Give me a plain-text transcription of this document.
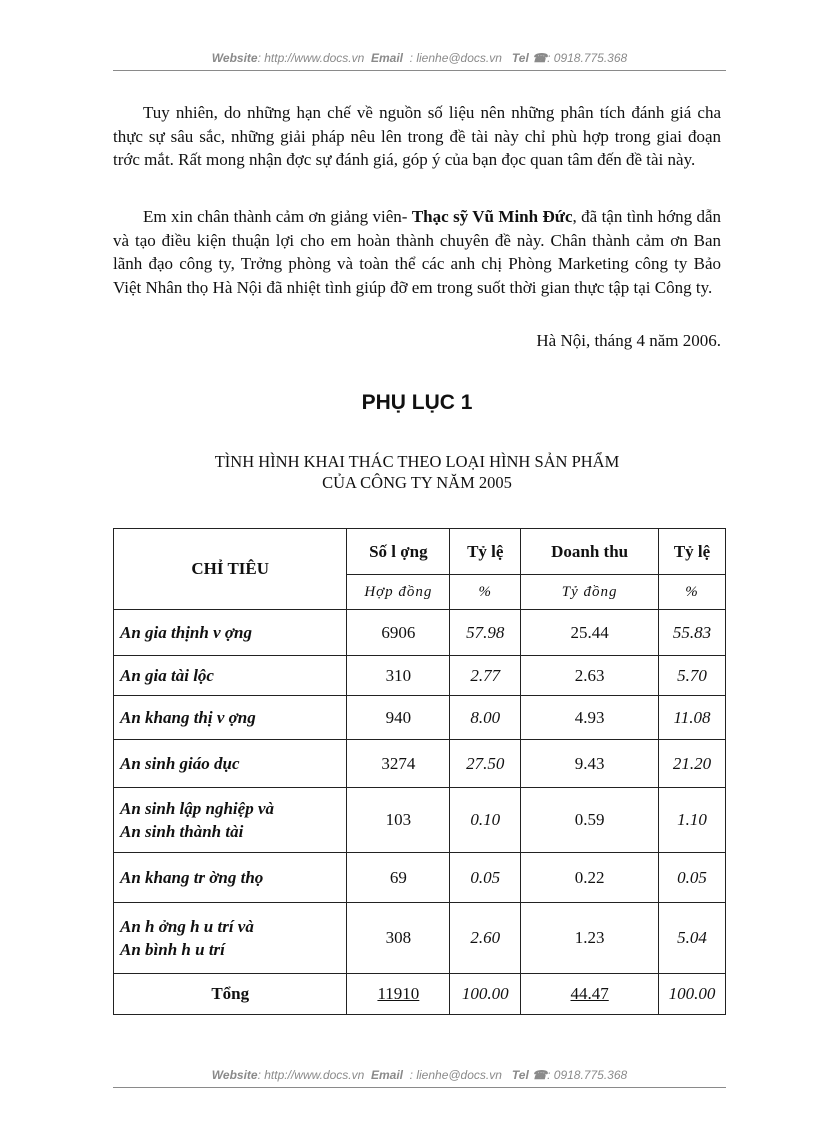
Website: http://www.docs.vn Email : lienhe@docs.vn Tel ☎: 0918.775.368

Tuy nhiên, do những hạn chế về nguồn số liệu nên những phân tích đánh giá cha thực sự sâu sắc, những giải pháp nêu lên trong đề tài này chỉ phù hợp trong giai đoạn trớc mắt. Rất mong nhận đợc sự đánh giá, góp ý của bạn đọc quan tâm đến đề tài này.

Em xin chân thành cảm ơn giảng viên- Thạc sỹ Vũ Minh Đức, đã tận tình hớng dẫn và tạo điều kiện thuận lợi cho em hoàn thành chuyên đề này. Chân thành cảm ơn Ban lãnh đạo công ty, Trởng phòng và toàn thể các anh chị Phòng Marketing công ty Bảo Việt Nhân thọ Hà Nội đã nhiệt tình giúp đỡ em trong suốt thời gian thực tập tại Công ty.

Hà Nội, tháng 4 năm 2006.
PHỤ LỤC 1
TÌNH HÌNH KHAI THÁC THEO LOẠI HÌNH SẢN PHẨM
CỦA CÔNG TY NĂM 2005
CHỈ TIÊU	Số l ợng	Tỷ lệ	Doanh thu	Tỷ lệ
	Hợp đồng	%	Tỷ đồng	%
An gia thịnh v ợng	6906	57.98	25.44	55.83
An gia tài lộc	310	2.77	2.63	5.70
An khang thị v ợng	940	8.00	4.93	11.08
An sinh giáo dục	3274	27.50	9.43	21.20

An sinh lập nghiệp và
An sinh thành tài	103	0.10	0.59	1.10
An khang tr ờng thọ	69	0.05	0.22	0.05

An h ởng h u trí và
An bình h u trí	308	2.60	1.23	5.04
Tổng	11910	100.00	44.47	100.00
Website: http://www.docs.vn Email : lienhe@docs.vn Tel ☎: 0918.775.368
